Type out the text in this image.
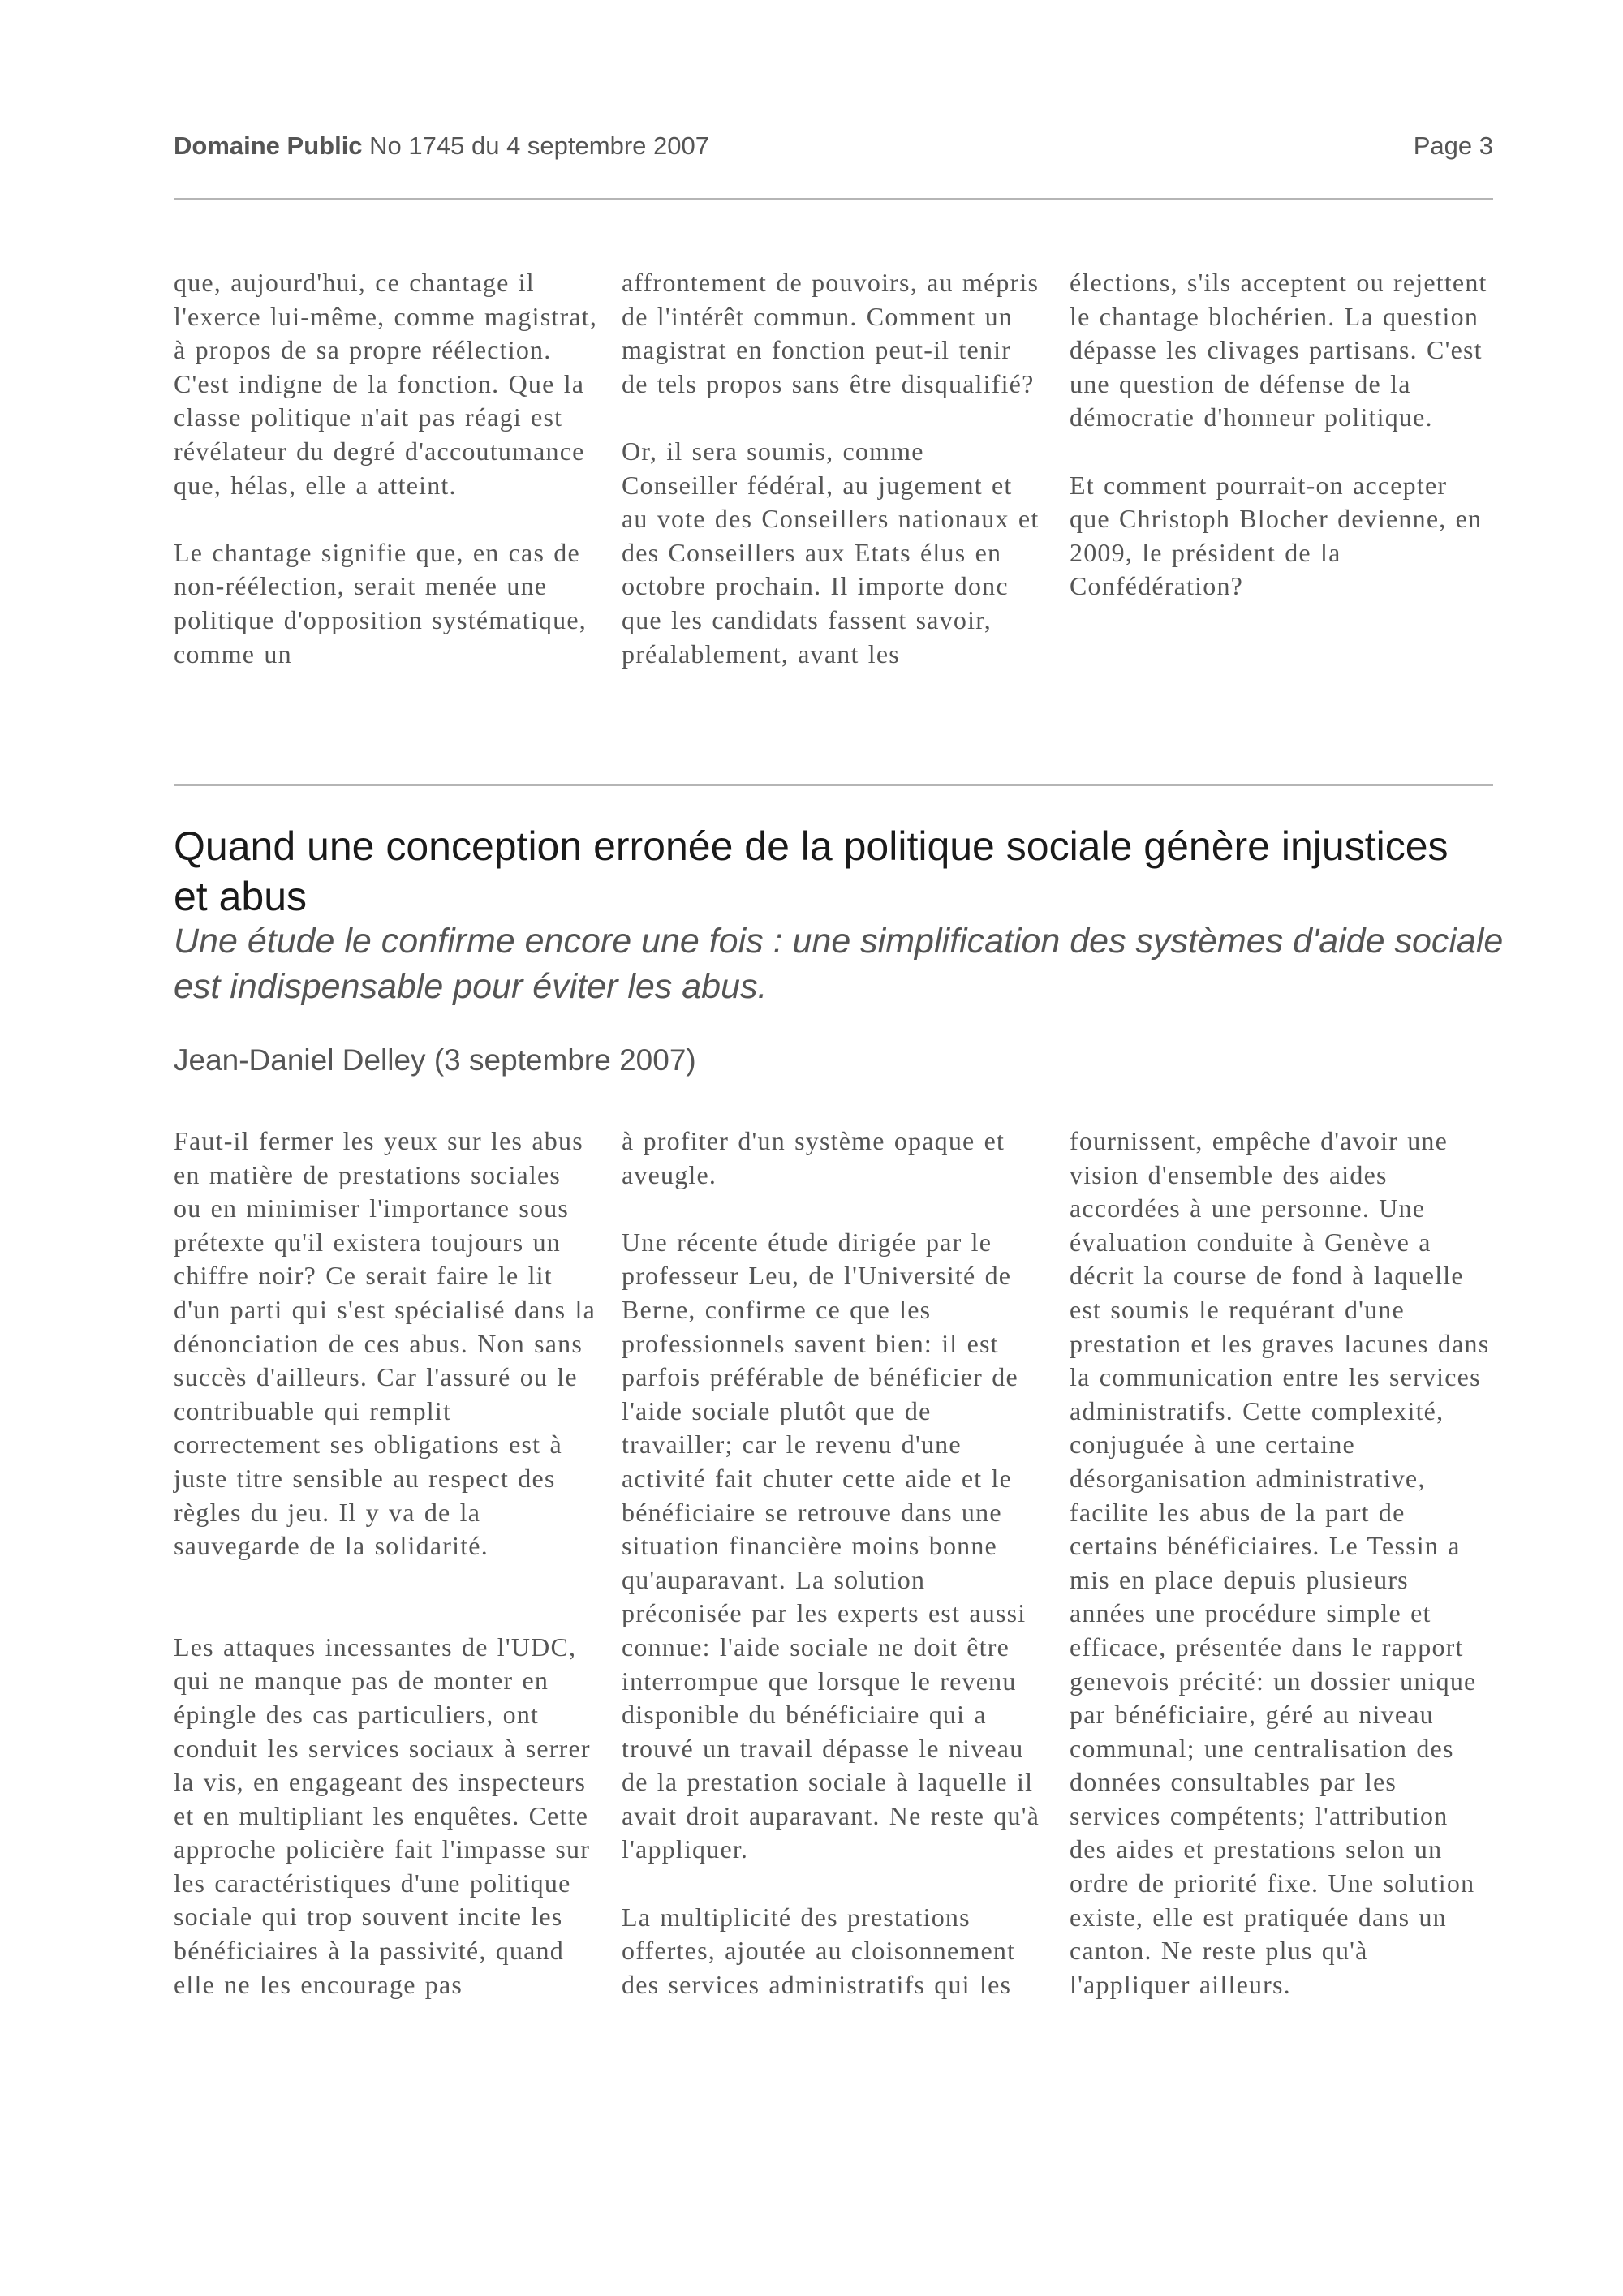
Domaine Public No 1745 du 4 septembre 2007	Page 3

que, aujourd'hui, ce chantage il l'exerce lui-même, comme magistrat, à propos de sa propre réélection. C'est indigne de la fonction. Que la classe politique n'ait pas réagi est révélateur du degré d'accoutumance que, hélas, elle a atteint.

Le chantage signifie que, en cas de non-réélection, serait menée une politique d'opposition systématique, comme un

affrontement de pouvoirs, au mépris de l'intérêt commun. Comment un magistrat en fonction peut-il tenir de tels propos sans être disqualifié?

Or, il sera soumis, comme Conseiller fédéral, au jugement et au vote des Conseillers nationaux et des Conseillers aux Etats élus en octobre prochain. Il importe donc que les candidats fassent savoir, préalablement, avant les

élections, s'ils acceptent ou rejettent le chantage blochérien. La question dépasse les clivages partisans. C'est une question de défense de la démocratie d'honneur politique.

Et comment pourrait-on accepter que Christoph Blocher devienne, en 2009, le président de la Confédération?

Quand une conception erronée de la politique sociale génère injustices et abus

Une étude le confirme encore une fois : une simplification des systèmes d'aide sociale est indispensable pour éviter les abus.

Jean-Daniel Delley (3 septembre 2007)

Faut-il fermer les yeux sur les abus en matière de prestations sociales ou en minimiser l'importance sous prétexte qu'il existera toujours un chiffre noir? Ce serait faire le lit d'un parti qui s'est spécialisé dans la dénonciation de ces abus. Non sans succès d'ailleurs. Car l'assuré ou le contribuable qui remplit correctement ses obligations est à juste titre sensible au respect des règles du jeu. Il y va de la sauvegarde de la solidarité.

Les attaques incessantes de l'UDC, qui ne manque pas de monter en épingle des cas particuliers, ont conduit les services sociaux à serrer la vis, en engageant des inspecteurs et en multipliant les enquêtes. Cette approche policière fait l'impasse sur les caractéristiques d'une politique sociale qui trop souvent incite les bénéficiaires à la passivité, quand elle ne les encourage pas

à profiter d'un système opaque et aveugle.

Une récente étude dirigée par le professeur Leu, de l'Université de Berne, confirme ce que les professionnels savent bien: il est parfois préférable de bénéficier de l'aide sociale plutôt que de travailler; car le revenu d'une activité fait chuter cette aide et le bénéficiaire se retrouve dans une situation financière moins bonne qu'auparavant. La solution préconisée par les experts est aussi connue: l'aide sociale ne doit être interrompue que lorsque le revenu disponible du bénéficiaire qui a trouvé un travail dépasse le niveau de la prestation sociale à laquelle il avait droit auparavant. Ne reste qu'à l'appliquer.

La multiplicité des prestations offertes, ajoutée au cloisonnement des services administratifs qui les

fournissent, empêche d'avoir une vision d'ensemble des aides accordées à une personne. Une évaluation conduite à Genève a décrit la course de fond à laquelle est soumis le requérant d'une prestation et les graves lacunes dans la communication entre les services administratifs. Cette complexité, conjuguée à une certaine désorganisation administrative, facilite les abus de la part de certains bénéficiaires. Le Tessin a mis en place depuis plusieurs années une procédure simple et efficace, présentée dans le rapport genevois précité: un dossier unique par bénéficiaire, géré au niveau communal; une centralisation des données consultables par les services compétents; l'attribution des aides et prestations selon un ordre de priorité fixe. Une solution existe, elle est pratiquée dans un canton. Ne reste plus qu'à l'appliquer ailleurs.
